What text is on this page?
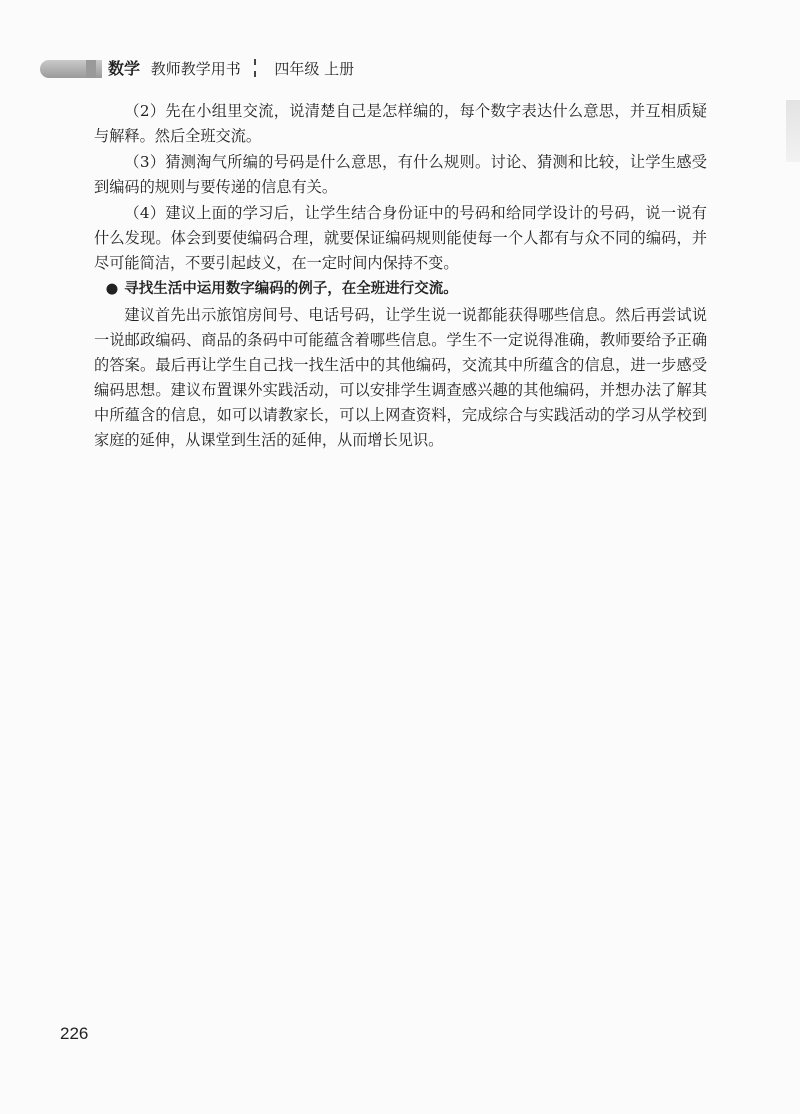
数学 教师教学用书 四年级 上册

（2）先在小组里交流，说清楚自己是怎样编的，每个数字表达什么意思，并互相质疑与解释。然后全班交流。

（3）猜测淘气所编的号码是什么意思，有什么规则。讨论、猜测和比较，让学生感受到编码的规则与要传递的信息有关。

（4）建议上面的学习后，让学生结合身份证中的号码和给同学设计的号码，说一说有什么发现。体会到要使编码合理，就要保证编码规则能使每一个人都有与众不同的编码，并尽可能简洁，不要引起歧义，在一定时间内保持不变。

● 寻找生活中运用数字编码的例子，在全班进行交流。

建议首先出示旅馆房间号、电话号码，让学生说一说都能获得哪些信息。然后再尝试说一说邮政编码、商品的条码中可能蕴含着哪些信息。学生不一定说得准确，教师要给予正确的答案。最后再让学生自己找一找生活中的其他编码，交流其中所蕴含的信息，进一步感受编码思想。建议布置课外实践活动，可以安排学生调查感兴趣的其他编码，并想办法了解其中所蕴含的信息，如可以请教家长，可以上网查资料，完成综合与实践活动的学习从学校到家庭的延伸，从课堂到生活的延伸，从而增长见识。

226
